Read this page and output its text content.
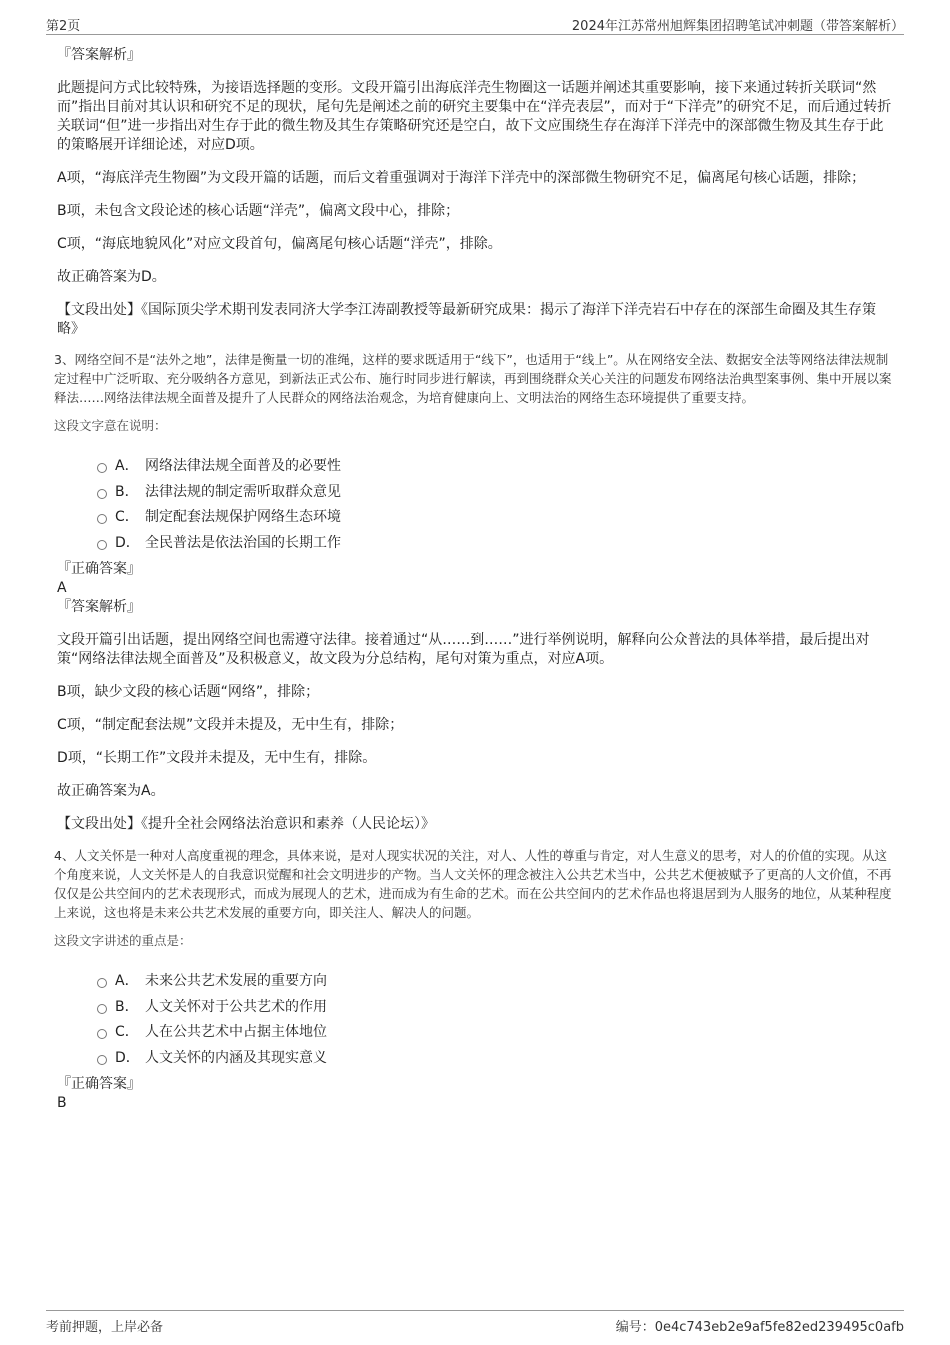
第2页	2024年江苏常州旭辉集团招聘笔试冲刺题（带答案解析）

『答案解析』

此题提问方式比较特殊，为接语选择题的变形。文段开篇引出海底洋壳生物圈这一话题并阐述其重要影响，接下来通过转折关联词“然而”指出目前对其认识和研究不足的现状，尾句先是阐述之前的研究主要集中在“洋壳表层”，而对于“下洋壳”的研究不足，而后通过转折关联词“但”进一步指出对生存于此的微生物及其生存策略研究还是空白，故下文应围绕生存在海洋下洋壳中的深部微生物及其生存于此的策略展开详细论述，对应D项。

A项，“海底洋壳生物圈”为文段开篇的话题，而后文着重强调对于海洋下洋壳中的深部微生物研究不足，偏离尾句核心话题，排除；

B项，未包含文段论述的核心话题“洋壳”，偏离文段中心，排除；

C项，“海底地貌风化”对应文段首句，偏离尾句核心话题“洋壳”，排除。

故正确答案为D。

【文段出处】《国际顶尖学术期刊发表同济大学李江涛副教授等最新研究成果：揭示了海洋下洋壳岩石中存在的深部生命圈及其生存策略》

3、网络空间不是“法外之地”，法律是衡量一切的准绳，这样的要求既适用于“线下”，也适用于“线上”。从在网络安全法、数据安全法等网络法律法规制定过程中广泛听取、充分吸纳各方意见，到新法正式公布、施行时同步进行解读，再到围绕群众关心关注的问题发布网络法治典型案事例、集中开展以案释法……网络法律法规全面普及提升了人民群众的网络法治观念，为培育健康向上、文明法治的网络生态环境提供了重要支持。

这段文字意在说明：

A． 网络法律法规全面普及的必要性
B． 法律法规的制定需听取群众意见
C． 制定配套法规保护网络生态环境
D． 全民普法是依法治国的长期工作

『正确答案』

A

『答案解析』

文段开篇引出话题，提出网络空间也需遵守法律。接着通过“从……到……”进行举例说明，解释向公众普法的具体举措，最后提出对策“网络法律法规全面普及”及积极意义，故文段为分总结构，尾句对策为重点，对应A项。

B项，缺少文段的核心话题“网络”，排除；

C项，“制定配套法规”文段并未提及，无中生有，排除；

D项，“长期工作”文段并未提及，无中生有，排除。

故正确答案为A。

【文段出处】《提升全社会网络法治意识和素养（人民论坛）》

4、人文关怀是一种对人高度重视的理念，具体来说，是对人现实状况的关注，对人、人性的尊重与肯定，对人生意义的思考，对人的价值的实现。从这个角度来说，人文关怀是人的自我意识觉醒和社会文明进步的产物。当人文关怀的理念被注入公共艺术当中，公共艺术便被赋予了更高的人文价值，不再仅仅是公共空间内的艺术表现形式，而成为展现人的艺术，进而成为有生命的艺术。而在公共空间内的艺术作品也将退居到为人服务的地位，从某种程度上来说，这也将是未来公共艺术发展的重要方向，即关注人、解决人的问题。

这段文字讲述的重点是：

A． 未来公共艺术发展的重要方向
B． 人文关怀对于公共艺术的作用
C． 人在公共艺术中占据主体地位
D． 人文关怀的内涵及其现实意义

『正确答案』

B

考前押题，上岸必备	编号：0e4c743eb2e9af5fe82ed239495c0afb
